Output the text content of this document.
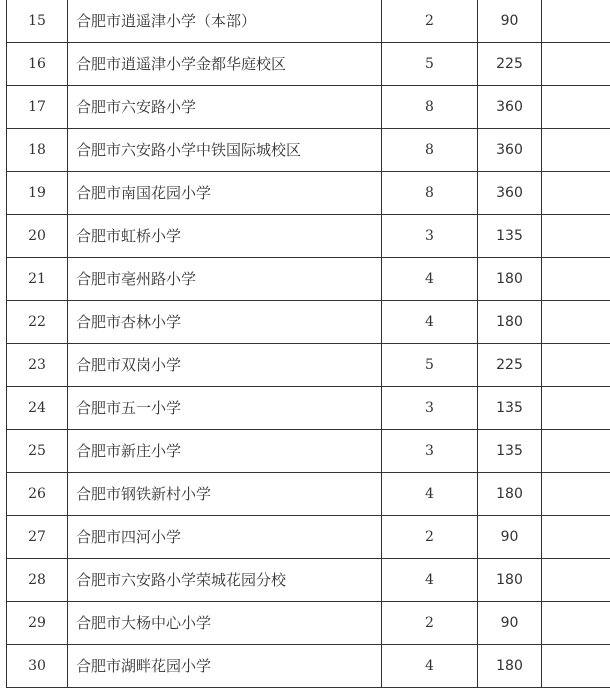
15	合肥市逍遥津小学（本部）	2	90	
16	合肥市逍遥津小学金都华庭校区	5	225	
17	合肥市六安路小学	8	360	
18	合肥市六安路小学中铁国际城校区	8	360	
19	合肥市南国花园小学	8	360	
20	合肥市虹桥小学	3	135	
21	合肥市亳州路小学	4	180	
22	合肥市杏林小学	4	180	
23	合肥市双岗小学	5	225	
24	合肥市五一小学	3	135	
25	合肥市新庄小学	3	135	
26	合肥市钢铁新村小学	4	180	
27	合肥市四河小学	2	90	
28	合肥市六安路小学荣城花园分校	4	180	
29	合肥市大杨中心小学	2	90	
30	合肥市湖畔花园小学	4	180	
